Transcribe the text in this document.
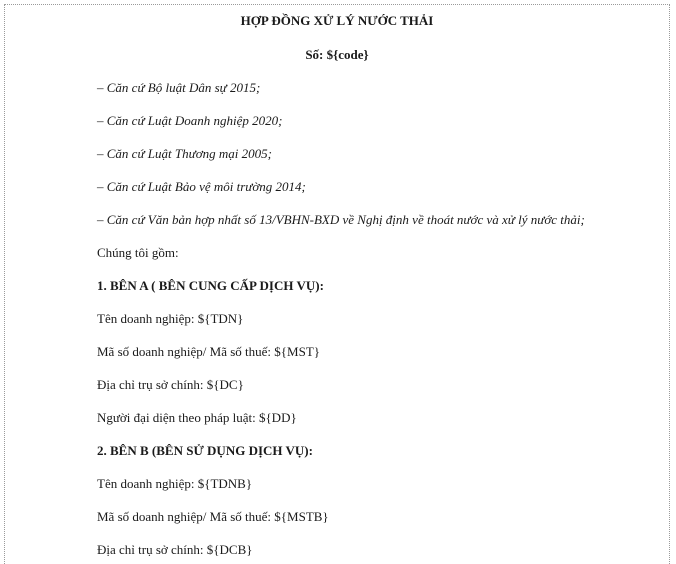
HỢP ĐỒNG XỬ LÝ NƯỚC THẢI
Số: ${code}
– Căn cứ Bộ luật Dân sự 2015;
– Căn cứ Luật Doanh nghiệp 2020;
– Căn cứ Luật Thương mại 2005;
– Căn cứ Luật Bảo vệ môi trường 2014;
– Căn cứ Văn bản hợp nhất số 13/VBHN-BXD về Nghị định về thoát nước và xử lý nước thải;
Chúng tôi gồm:
1. BÊN A ( BÊN CUNG CẤP DỊCH VỤ):
Tên doanh nghiệp: ${TDN}
Mã số doanh nghiệp/ Mã số thuế: ${MST}
Địa chỉ trụ sở chính: ${DC}
Người đại diện theo pháp luật: ${DD}
2. BÊN B (BÊN SỬ DỤNG DỊCH VỤ):
Tên doanh nghiệp: ${TDNB}
Mã số doanh nghiệp/ Mã số thuế: ${MSTB}
Địa chỉ trụ sở chính: ${DCB}
